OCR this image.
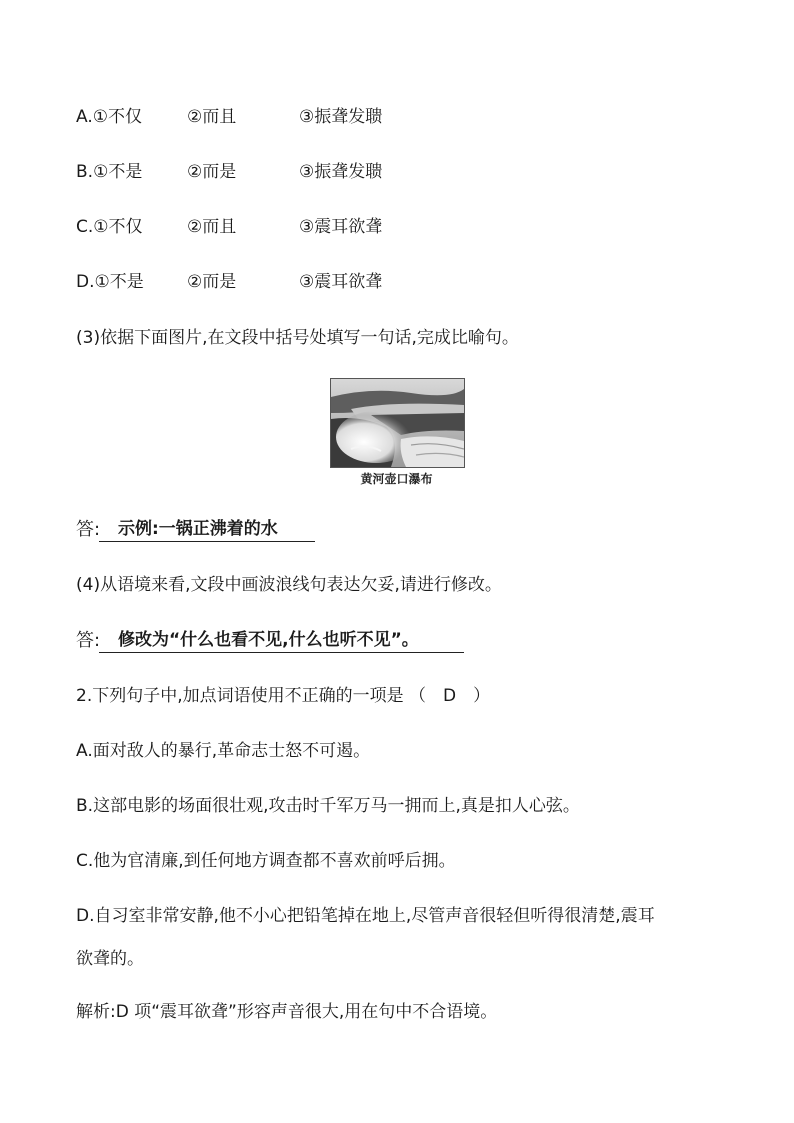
A.①不仅	②而且	③振聋发聩
B.①不是	②而是	③振聋发聩
C.①不仅	②而且	③震耳欲聋
D.①不是	②而是	③震耳欲聋
(3)依据下面图片,在文段中括号处填写一句话,完成比喻句。
黄河壶口瀑布
答:	示例:一锅正沸着的水
(4)从语境来看,文段中画波浪线句表达欠妥,请进行修改。
答:	修改为“什么也看不见,什么也听不见”。
2.下列句子中,加点词语使用不正确的一项是 （　D　）
A.面对敌人的暴行,革命志士怒不可遏。
B.这部电影的场面很壮观,攻击时千军万马一拥而上,真是扣人心弦。
C.他为官清廉,到任何地方调查都不喜欢前呼后拥。
D.自习室非常安静,他不小心把铅笔掉在地上,尽管声音很轻但听得很清楚,震耳
欲聋的。
解析:D 项“震耳欲聋”形容声音很大,用在句中不合语境。
